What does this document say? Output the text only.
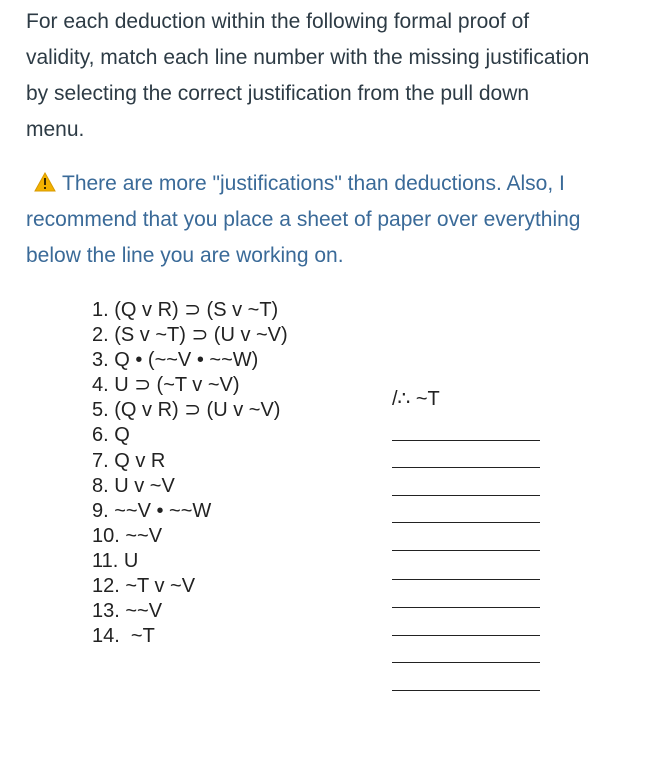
For each deduction within the following formal proof of
validity, match each line number with the missing justification
by selecting the correct justification from the pull down
menu.
There are more "justifications" than deductions. Also, I
recommend that you place a sheet of paper over everything
below the line you are working on.
1. (Q v R) ⊃ (S v ~T)
2. (S v ~T) ⊃ (U v ~V)
3. Q • (~~V • ~~W)
4. U ⊃ (~T v ~V)
5. (Q v R) ⊃ (U v ~V)
6. Q
7. Q v R
8. U v ~V
9. ~~V • ~~W
10. ~~V
11. U
12. ~T v ~V
13. ~~V
14.  ~T
/∴ ~T
